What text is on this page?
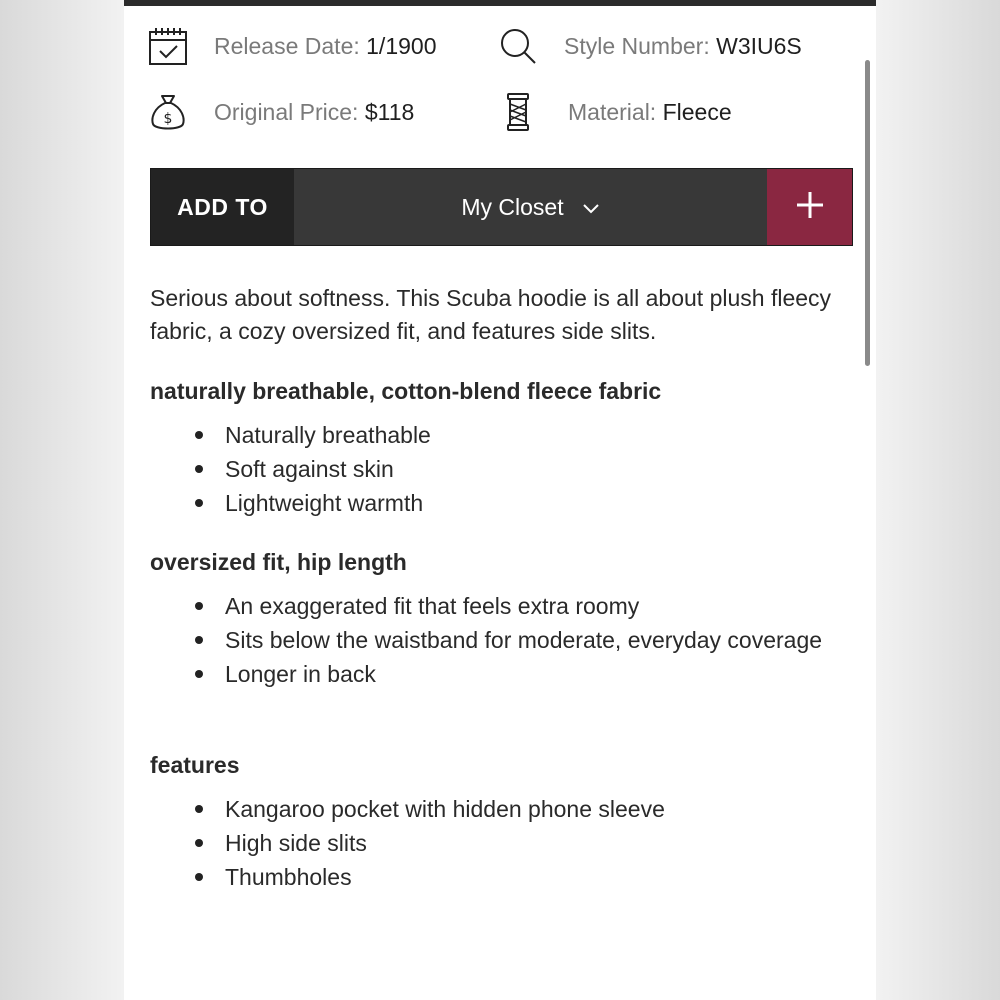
Release Date: 1/1900	Style Number: W3IU6S
$ Original Price: $118	Material: Fleece
ADD TO	My Closet

Serious about softness. This Scuba hoodie is all about plush fleecy fabric, a cozy oversized fit, and features side slits.

naturally breathable, cotton-blend fleece fabric
Naturally breathable
Soft against skin
Lightweight warmth
oversized fit, hip length
An exaggerated fit that feels extra roomy
Sits below the waistband for moderate, everyday coverage
Longer in back
features
Kangaroo pocket with hidden phone sleeve
High side slits
Thumbholes
